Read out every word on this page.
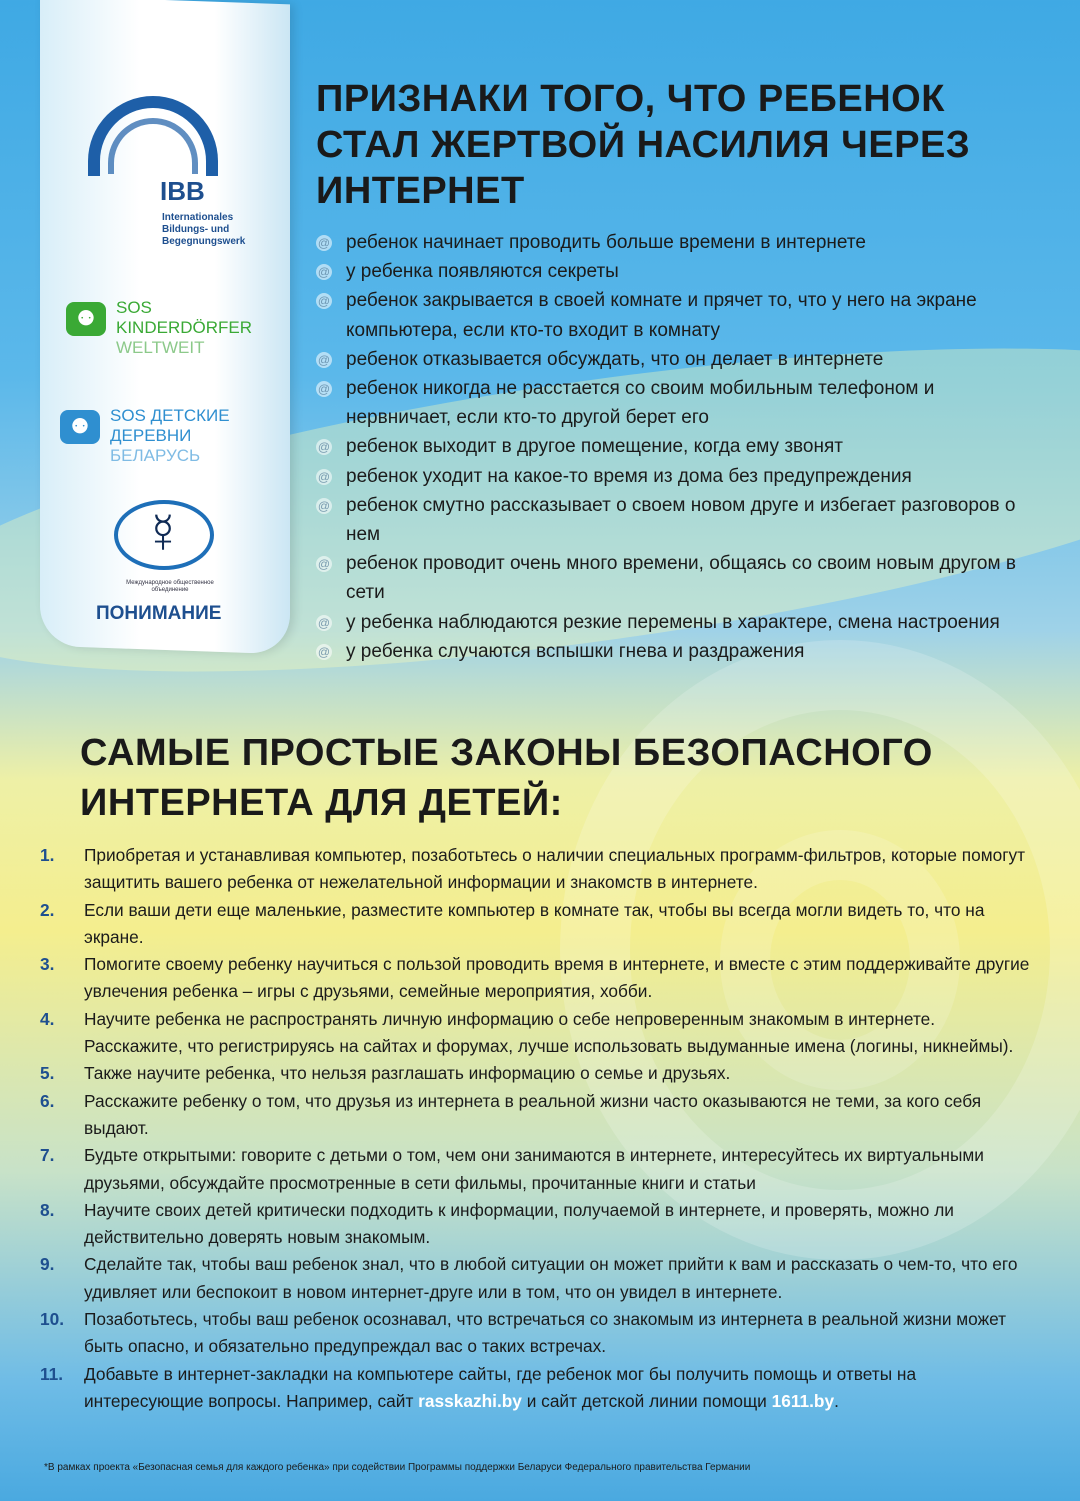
IBB
Internationales Bildungs- und Begegnungswerk
⚉
SOS
KINDERDÖRFER
WELTWEIT
⚉
SOS ДЕТСКИЕ
ДЕРЕВНИ
БЕЛАРУСЬ
☿
Международное общественное объединение
ПОНИМАНИЕ
ПРИЗНАКИ ТОГО, ЧТО РЕБЕНОК СТАЛ ЖЕРТВОЙ НАСИЛИЯ ЧЕРЕЗ ИНТЕРНЕТ
@ ребенок начинает проводить больше времени в интернете
@ у ребенка появляются секреты
@ ребенок закрывается в своей комнате и прячет то, что у него на экране компьютера, если кто-то входит в комнату
@ ребенок отказывается обсуждать, что он делает в интернете
@ ребенок никогда не расстается со своим мобильным телефоном и нервничает, если кто-то другой берет его
@ ребенок выходит в другое помещение, когда ему звонят
@ ребенок уходит на какое-то время из дома без предупреждения
@ ребенок смутно рассказывает о своем новом друге и избегает разговоров о нем
@ ребенок проводит очень много времени, общаясь со своим новым другом в сети
@ у ребенка наблюдаются резкие перемены в характере, смена настроения
@ у ребенка случаются вспышки гнева и раздражения
САМЫЕ ПРОСТЫЕ ЗАКОНЫ БЕЗОПАСНОГО ИНТЕРНЕТА ДЛЯ ДЕТЕЙ:
1. Приобретая и устанавливая компьютер, позаботьтесь о наличии специальных программ-фильтров, которые помогут защитить вашего ребенка от нежелательной информации и знакомств в интернете.
2. Если ваши дети еще маленькие, разместите компьютер в комнате так, чтобы вы всегда могли видеть то, что на экране.
3. Помогите своему ребенку научиться с пользой проводить время в интернете, и вместе с этим поддерживайте другие увлечения ребенка – игры с друзьями, семейные мероприятия, хобби.
4. Научите ребенка не распространять личную информацию о себе непроверенным знакомым в интернете. Расскажите, что регистрируясь на сайтах и форумах, лучше использовать выдуманные имена (логины, никнеймы).
5. Также научите ребенка, что нельзя разглашать информацию о семье и друзьях.
6. Расскажите ребенку о том, что друзья из интернета в реальной жизни часто оказываются не теми, за кого себя выдают.
7. Будьте открытыми: говорите с детьми о том, чем они занимаются в интернете, интересуйтесь их виртуальными друзьями, обсуждайте просмотренные в сети фильмы, прочитанные книги и статьи
8. Научите своих детей критически подходить к информации, получаемой в интернете, и проверять, можно ли действительно доверять новым знакомым.
9. Сделайте так, чтобы ваш ребенок знал, что в любой ситуации он может прийти к вам и рассказать о чем-то, что его удивляет или беспокоит в новом интернет-друге или в том, что он увидел в интернете.
10. Позаботьтесь, чтобы ваш ребенок осознавал, что встречаться со знакомым из интернета в реальной жизни может быть опасно, и обязательно предупреждал вас о таких встречах.
11. Добавьте в интернет-закладки на компьютере сайты, где ребенок мог бы получить помощь и ответы на интересующие вопросы. Например, сайт rasskazhi.by и сайт детской линии помощи 1611.by.
*В рамках проекта «Безопасная семья для каждого ребенка» при содействии Программы поддержки Беларуси Федерального правительства Германии
